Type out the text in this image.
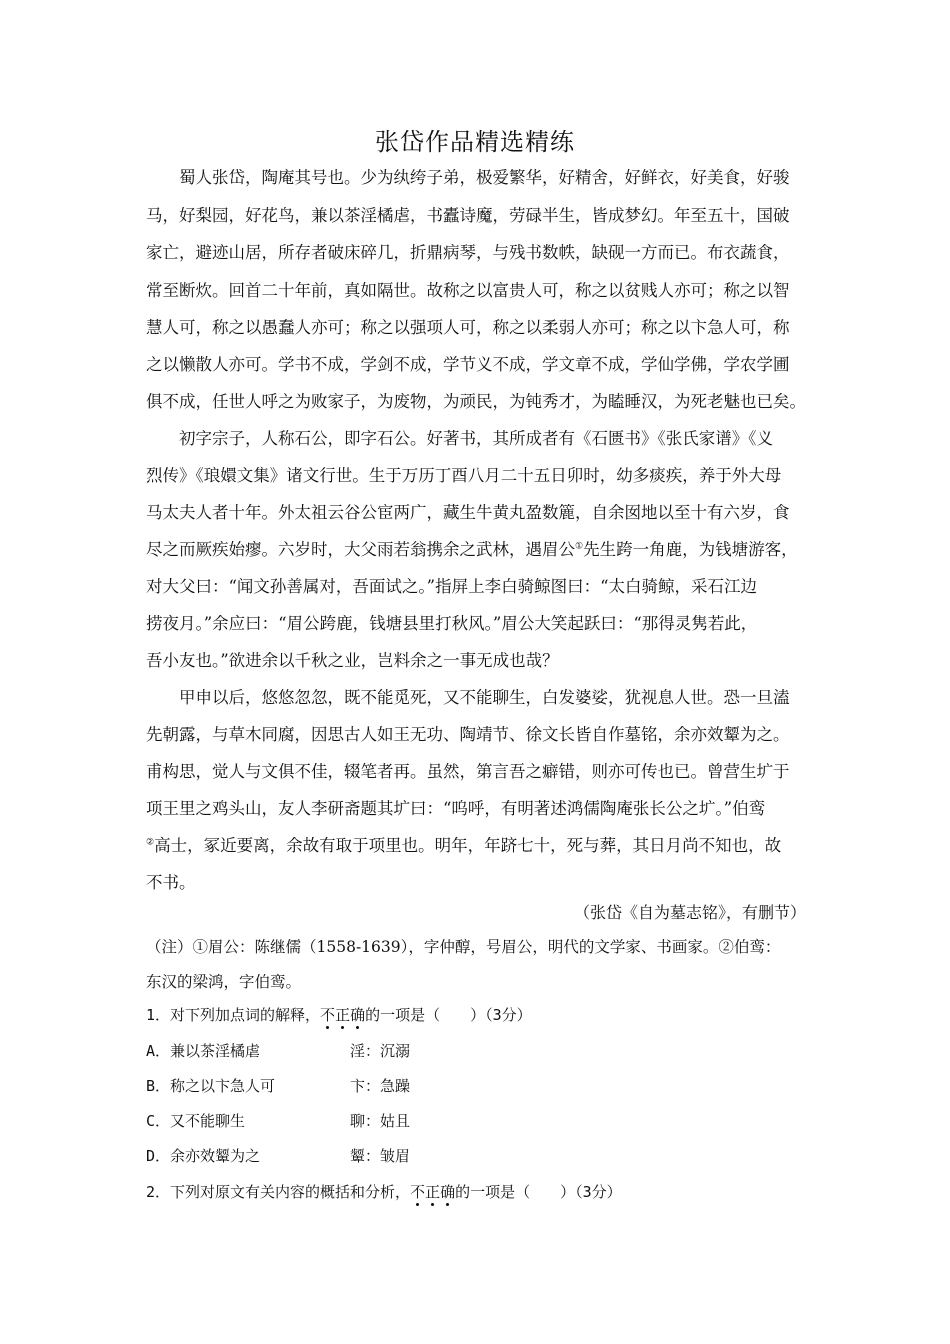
张岱作品精选精练
　　蜀人张岱，陶庵其号也。少为纨绔子弟，极爱繁华，好精舍，好鲜衣，好美食，好骏
马，好梨园，好花鸟，兼以茶淫橘虐，书蠹诗魔，劳碌半生，皆成梦幻。年至五十，国破
家亡，避迹山居，所存者破床碎几，折鼎病琴，与残书数帙，缺砚一方而已。布衣蔬食，
常至断炊。回首二十年前，真如隔世。故称之以富贵人可，称之以贫贱人亦可；称之以智
慧人可，称之以愚蠢人亦可；称之以强项人可，称之以柔弱人亦可；称之以卞急人可，称
之以懒散人亦可。学书不成，学剑不成，学节义不成，学文章不成，学仙学佛，学农学圃
俱不成，任世人呼之为败家子，为废物，为顽民，为钝秀才，为瞌睡汉，为死老魅也已矣。
　　初字宗子，人称石公，即字石公。好著书，其所成者有《石匮书》《张氏家谱》《义
烈传》《琅嬛文集》诸文行世。生于万历丁酉八月二十五日卯时，幼多痰疾，养于外大母
马太夫人者十年。外太祖云谷公宦两广，藏生牛黄丸盈数簏，自余囡地以至十有六岁，食
尽之而厥疾始瘳。六岁时，大父雨若翁携余之武林，遇眉公①先生跨一角鹿，为钱塘游客，
对大父曰：“闻文孙善属对，吾面试之。”指屏上李白骑鲸图曰：“太白骑鲸，采石江边
捞夜月。”余应曰：“眉公跨鹿，钱塘县里打秋风。”眉公大笑起跃曰：“那得灵隽若此，
吾小友也。”欲进余以千秋之业，岂料余之一事无成也哉？
　　甲申以后，悠悠忽忽，既不能觅死，又不能聊生，白发婆娑，犹视息人世。恐一旦溘
先朝露，与草木同腐，因思古人如王无功、陶靖节、徐文长皆自作墓铭，余亦效颦为之。
甫构思，觉人与文俱不佳，辍笔者再。虽然，第言吾之癖错，则亦可传也已。曾营生圹于
项王里之鸡头山，友人李研斋题其圹曰：“呜呼，有明著述鸿儒陶庵张长公之圹。”伯鸾
②高士，冢近要离，余故有取于项里也。明年，年跻七十，死与葬，其日月尚不知也，故
不书。
（张岱《自为墓志铭》，有删节）
（注）①眉公：陈继儒（1558-1639），字仲醇，号眉公，明代的文学家、书画家。②伯鸾：
东汉的梁鸿，字伯鸾。
1．对下列加点词的解释，不正确的一项是（　　）（3分）
A．兼以茶淫橘虐	淫：沉溺
B．称之以卞急人可	卞：急躁
C．又不能聊生	聊：姑且
D．余亦效颦为之	颦：皱眉
2．下列对原文有关内容的概括和分析，不正确的一项是（　　）（3分）
